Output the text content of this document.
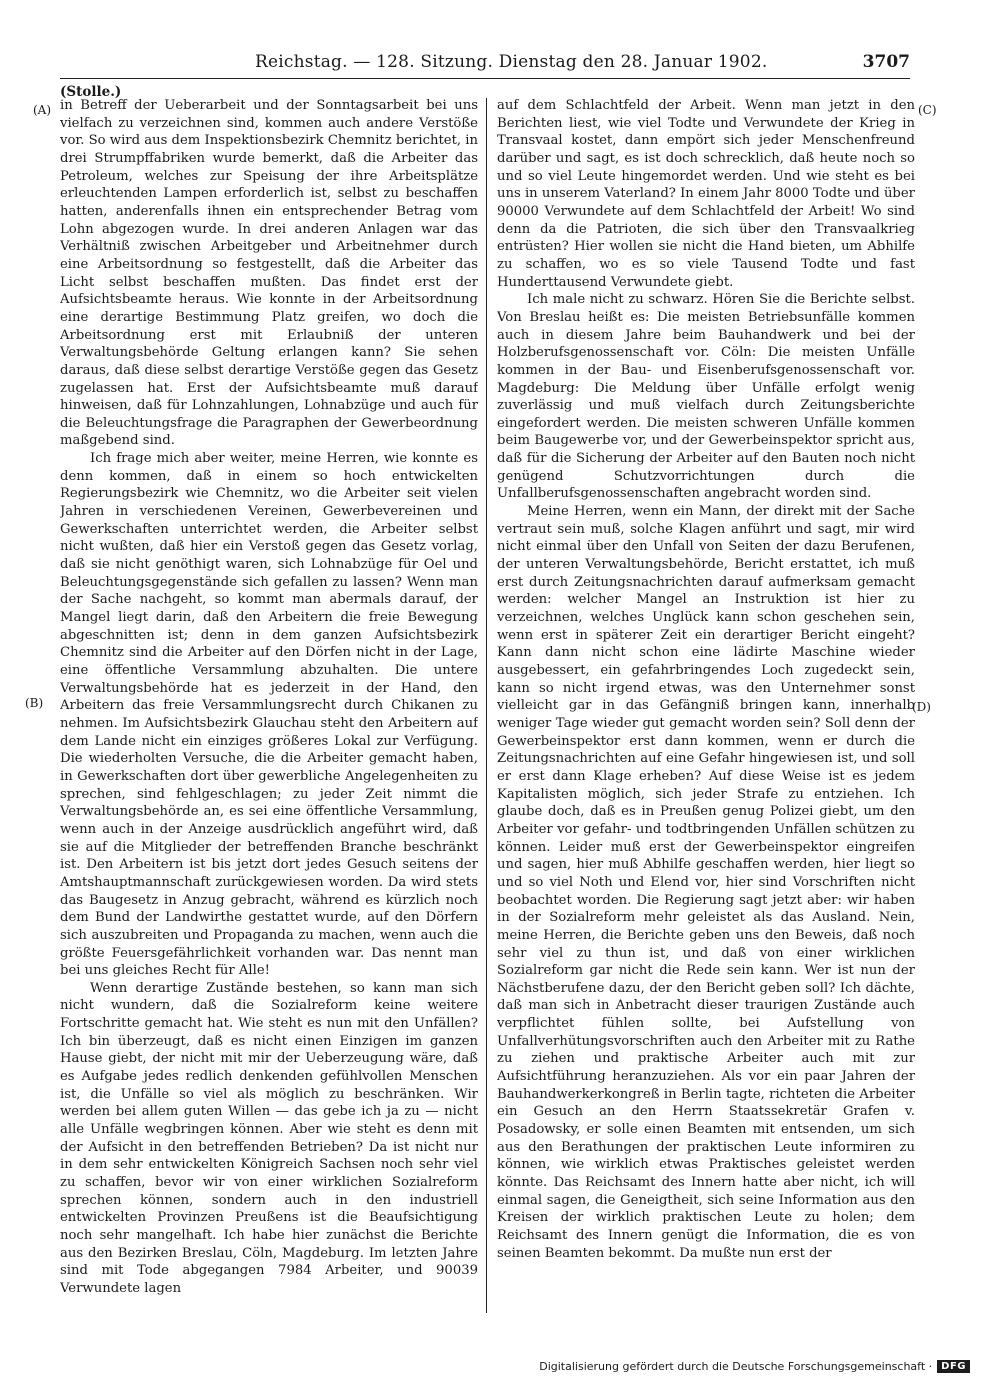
Reichstag. — 128. Sitzung. Dienstag den 28. Januar 1902.	3707
(Stolle.)
(A)
(B)
(C)
(D)

in Betreff der Ueberarbeit und der Sonntagsarbeit bei uns vielfach zu verzeichnen sind, kommen auch andere Verstöße vor. So wird aus dem Inspektionsbezirk Chemnitz berichtet, in drei Strumpffabriken wurde bemerkt, daß die Arbeiter das Petroleum, welches zur Speisung der ihre Arbeitsplätze erleuchtenden Lampen erforderlich ist, selbst zu beschaffen hatten, anderenfalls ihnen ein entsprechender Betrag vom Lohn abgezogen wurde. In drei anderen Anlagen war das Verhältniß zwischen Arbeitgeber und Arbeitnehmer durch eine Arbeitsordnung so festgestellt, daß die Arbeiter das Licht selbst beschaffen mußten. Das findet erst der Aufsichtsbeamte heraus. Wie konnte in der Arbeitsordnung eine derartige Bestimmung Platz greifen, wo doch die Arbeitsordnung erst mit Erlaubniß der unteren Verwaltungsbehörde Geltung erlangen kann? Sie sehen daraus, daß diese selbst derartige Verstöße gegen das Gesetz zugelassen hat. Erst der Aufsichtsbeamte muß darauf hinweisen, daß für Lohnzahlungen, Lohnabzüge und auch für die Beleuchtungsfrage die Paragraphen der Gewerbeordnung maßgebend sind.

Ich frage mich aber weiter, meine Herren, wie konnte es denn kommen, daß in einem so hoch entwickelten Regierungsbezirk wie Chemnitz, wo die Arbeiter seit vielen Jahren in verschiedenen Vereinen, Gewerbevereinen und Gewerkschaften unterrichtet werden, die Arbeiter selbst nicht wußten, daß hier ein Verstoß gegen das Gesetz vorlag, daß sie nicht genöthigt waren, sich Lohnabzüge für Oel und Beleuchtungsgegenstände sich gefallen zu lassen? Wenn man der Sache nachgeht, so kommt man abermals darauf, der Mangel liegt darin, daß den Arbeitern die freie Bewegung abgeschnitten ist; denn in dem ganzen Aufsichtsbezirk Chemnitz sind die Arbeiter auf den Dörfen nicht in der Lage, eine öffentliche Versammlung abzuhalten. Die untere Verwaltungsbehörde hat es jederzeit in der Hand, den Arbeitern das freie Versammlungsrecht durch Chikanen zu nehmen. Im Aufsichtsbezirk Glauchau steht den Arbeitern auf dem Lande nicht ein einziges größeres Lokal zur Verfügung. Die wiederholten Versuche, die die Arbeiter gemacht haben, in Gewerkschaften dort über gewerbliche Angelegenheiten zu sprechen, sind fehlgeschlagen; zu jeder Zeit nimmt die Verwaltungsbehörde an, es sei eine öffentliche Versammlung, wenn auch in der Anzeige ausdrücklich angeführt wird, daß sie auf die Mitglieder der betreffenden Branche beschränkt ist. Den Arbeitern ist bis jetzt dort jedes Gesuch seitens der Amtshauptmannschaft zurückgewiesen worden. Da wird stets das Baugesetz in Anzug gebracht, während es kürzlich noch dem Bund der Landwirthe gestattet wurde, auf den Dörfern sich auszubreiten und Propaganda zu machen, wenn auch die größte Feuersgefährlichkeit vorhanden war. Das nennt man bei uns gleiches Recht für Alle!

Wenn derartige Zustände bestehen, so kann man sich nicht wundern, daß die Sozialreform keine weitere Fortschritte gemacht hat. Wie steht es nun mit den Unfällen? Ich bin überzeugt, daß es nicht einen Einzigen im ganzen Hause giebt, der nicht mit mir der Ueberzeugung wäre, daß es Aufgabe jedes redlich denkenden gefühlvollen Menschen ist, die Unfälle so viel als möglich zu beschränken. Wir werden bei allem guten Willen — das gebe ich ja zu — nicht alle Unfälle wegbringen können. Aber wie steht es denn mit der Aufsicht in den betreffenden Betrieben? Da ist nicht nur in dem sehr entwickelten Königreich Sachsen noch sehr viel zu schaffen, bevor wir von einer wirklichen Sozialreform sprechen können, sondern auch in den industriell entwickelten Provinzen Preußens ist die Beaufsichtigung noch sehr mangelhaft. Ich habe hier zunächst die Berichte aus den Bezirken Breslau, Cöln, Magdeburg. Im letzten Jahre sind mit Tode abgegangen 7984 Arbeiter, und 90039 Verwundete lagen

auf dem Schlachtfeld der Arbeit. Wenn man jetzt in den Berichten liest, wie viel Todte und Verwundete der Krieg in Transvaal kostet, dann empört sich jeder Menschenfreund darüber und sagt, es ist doch schrecklich, daß heute noch so und so viel Leute hingemordet werden. Und wie steht es bei uns in unserem Vaterland? In einem Jahr 8000 Todte und über 90000 Verwundete auf dem Schlachtfeld der Arbeit! Wo sind denn da die Patrioten, die sich über den Transvaalkrieg entrüsten? Hier wollen sie nicht die Hand bieten, um Abhilfe zu schaffen, wo es so viele Tausend Todte und fast Hunderttausend Verwundete giebt.

Ich male nicht zu schwarz. Hören Sie die Berichte selbst. Von Breslau heißt es: Die meisten Betriebsunfälle kommen auch in diesem Jahre beim Bauhandwerk und bei der Holzberufsgenossenschaft vor. Cöln: Die meisten Unfälle kommen in der Bau- und Eisenberufsgenossenschaft vor. Magdeburg: Die Meldung über Unfälle erfolgt wenig zuverlässig und muß vielfach durch Zeitungsberichte eingefordert werden. Die meisten schweren Unfälle kommen beim Baugewerbe vor, und der Gewerbeinspektor spricht aus, daß für die Sicherung der Arbeiter auf den Bauten noch nicht genügend Schutzvorrichtungen durch die Unfallberufsgenossenschaften angebracht worden sind.

Meine Herren, wenn ein Mann, der direkt mit der Sache vertraut sein muß, solche Klagen anführt und sagt, mir wird nicht einmal über den Unfall von Seiten der dazu Berufenen, der unteren Verwaltungsbehörde, Bericht erstattet, ich muß erst durch Zeitungsnachrichten darauf aufmerksam gemacht werden: welcher Mangel an Instruktion ist hier zu verzeichnen, welches Unglück kann schon geschehen sein, wenn erst in späterer Zeit ein derartiger Bericht eingeht? Kann dann nicht schon eine lädirte Maschine wieder ausgebessert, ein gefahrbringendes Loch zugedeckt sein, kann so nicht irgend etwas, was den Unternehmer sonst vielleicht gar in das Gefängniß bringen kann, innerhalb weniger Tage wieder gut gemacht worden sein? Soll denn der Gewerbeinspektor erst dann kommen, wenn er durch die Zeitungsnachrichten auf eine Gefahr hingewiesen ist, und soll er erst dann Klage erheben? Auf diese Weise ist es jedem Kapitalisten möglich, sich jeder Strafe zu entziehen. Ich glaube doch, daß es in Preußen genug Polizei giebt, um den Arbeiter vor gefahr- und todtbringenden Unfällen schützen zu können. Leider muß erst der Gewerbeinspektor eingreifen und sagen, hier muß Abhilfe geschaffen werden, hier liegt so und so viel Noth und Elend vor, hier sind Vorschriften nicht beobachtet worden. Die Regierung sagt jetzt aber: wir haben in der Sozialreform mehr geleistet als das Ausland. Nein, meine Herren, die Berichte geben uns den Beweis, daß noch sehr viel zu thun ist, und daß von einer wirklichen Sozialreform gar nicht die Rede sein kann. Wer ist nun der Nächstberufene dazu, der den Bericht geben soll? Ich dächte, daß man sich in Anbetracht dieser traurigen Zustände auch verpflichtet fühlen sollte, bei Aufstellung von Unfallverhütungsvorschriften auch den Arbeiter mit zu Rathe zu ziehen und praktische Arbeiter auch mit zur Aufsichtführung heranzuziehen. Als vor ein paar Jahren der Bauhandwerkerkongreß in Berlin tagte, richteten die Arbeiter ein Gesuch an den Herrn Staatssekretär Grafen v. Posadowsky, er solle einen Beamten mit entsenden, um sich aus den Berathungen der praktischen Leute informiren zu können, wie wirklich etwas Praktisches geleistet werden könnte. Das Reichsamt des Innern hatte aber nicht, ich will einmal sagen, die Geneigtheit, sich seine Information aus den Kreisen der wirklich praktischen Leute zu holen; dem Reichsamt des Innern genügt die Information, die es von seinen Beamten bekommt. Da mußte nun erst der

Digitalisierung gefördert durch die Deutsche Forschungsgemeinschaft · DFG
